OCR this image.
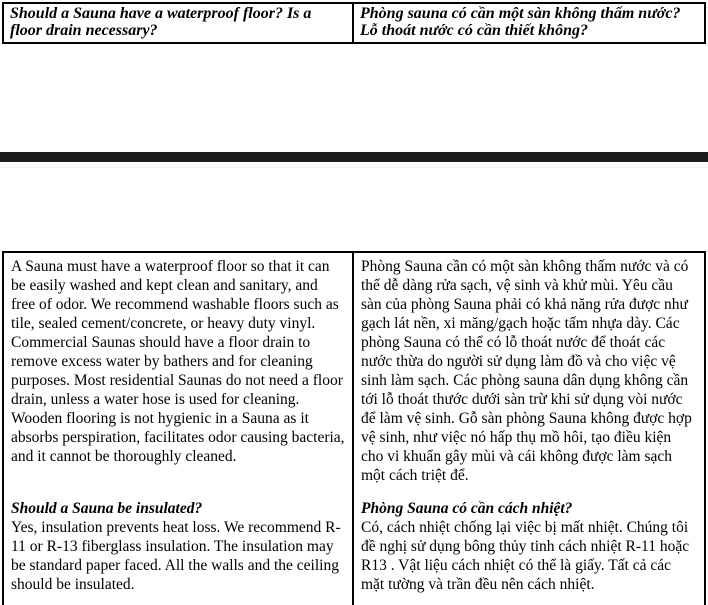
Should a Sauna have a waterproof floor? Is a floor drain necessary?
Phòng sauna có cần một sàn không thấm nước? Lỗ thoát nước có cần thiết không?

A Sauna must have a waterproof floor so that it can be easily washed and kept clean and sanitary, and free of odor. We recommend washable floors such as tile, sealed cement/concrete, or heavy duty vinyl. Commercial Saunas should have a floor drain to remove excess water by bathers and for cleaning purposes. Most residential Saunas do not need a floor drain, unless a water hose is used for cleaning. Wooden flooring is not hygienic in a Sauna as it absorbs perspiration, facilitates odor causing bacteria, and it cannot be thoroughly cleaned.

Should a Sauna be insulated?

Yes, insulation prevents heat loss. We recommend R-11 or R-13 fiberglass insulation. The insulation may be standard paper faced. All the walls and the ceiling should be insulated.

Phòng Sauna cần có một sàn không thấm nước và có thể dễ dàng rửa sạch, vệ sinh và khử mùi. Yêu cầu sàn của phòng Sauna phải có khả năng rửa được như gạch lát nền, xi măng/gạch hoặc tấm nhựa dày. Các phòng Sauna có thể có lỗ thoát nước để thoát các nước thừa do người sử dụng làm đồ và cho việc vệ sinh làm sạch. Các phòng sauna dân dụng không cần tới lỗ thoát thước dưới sàn trừ khi sử dụng vòi nước để làm vệ sinh. Gỗ sàn phòng Sauna không được hợp vệ sinh, như việc nó hấp thụ mồ hôi, tạo điều kiện cho vi khuẩn gây mùi và cái không được làm sạch một cách triệt để.

Phòng Sauna có cần cách nhiệt?

Có, cách nhiệt chống lại việc bị mất nhiệt. Chúng tôi đề nghị sử dụng bông thủy tinh cách nhiệt R-11 hoặc R13 . Vật liệu cách nhiệt có thể là giấy. Tất cả các mặt tường và trần đều nên cách nhiệt.
